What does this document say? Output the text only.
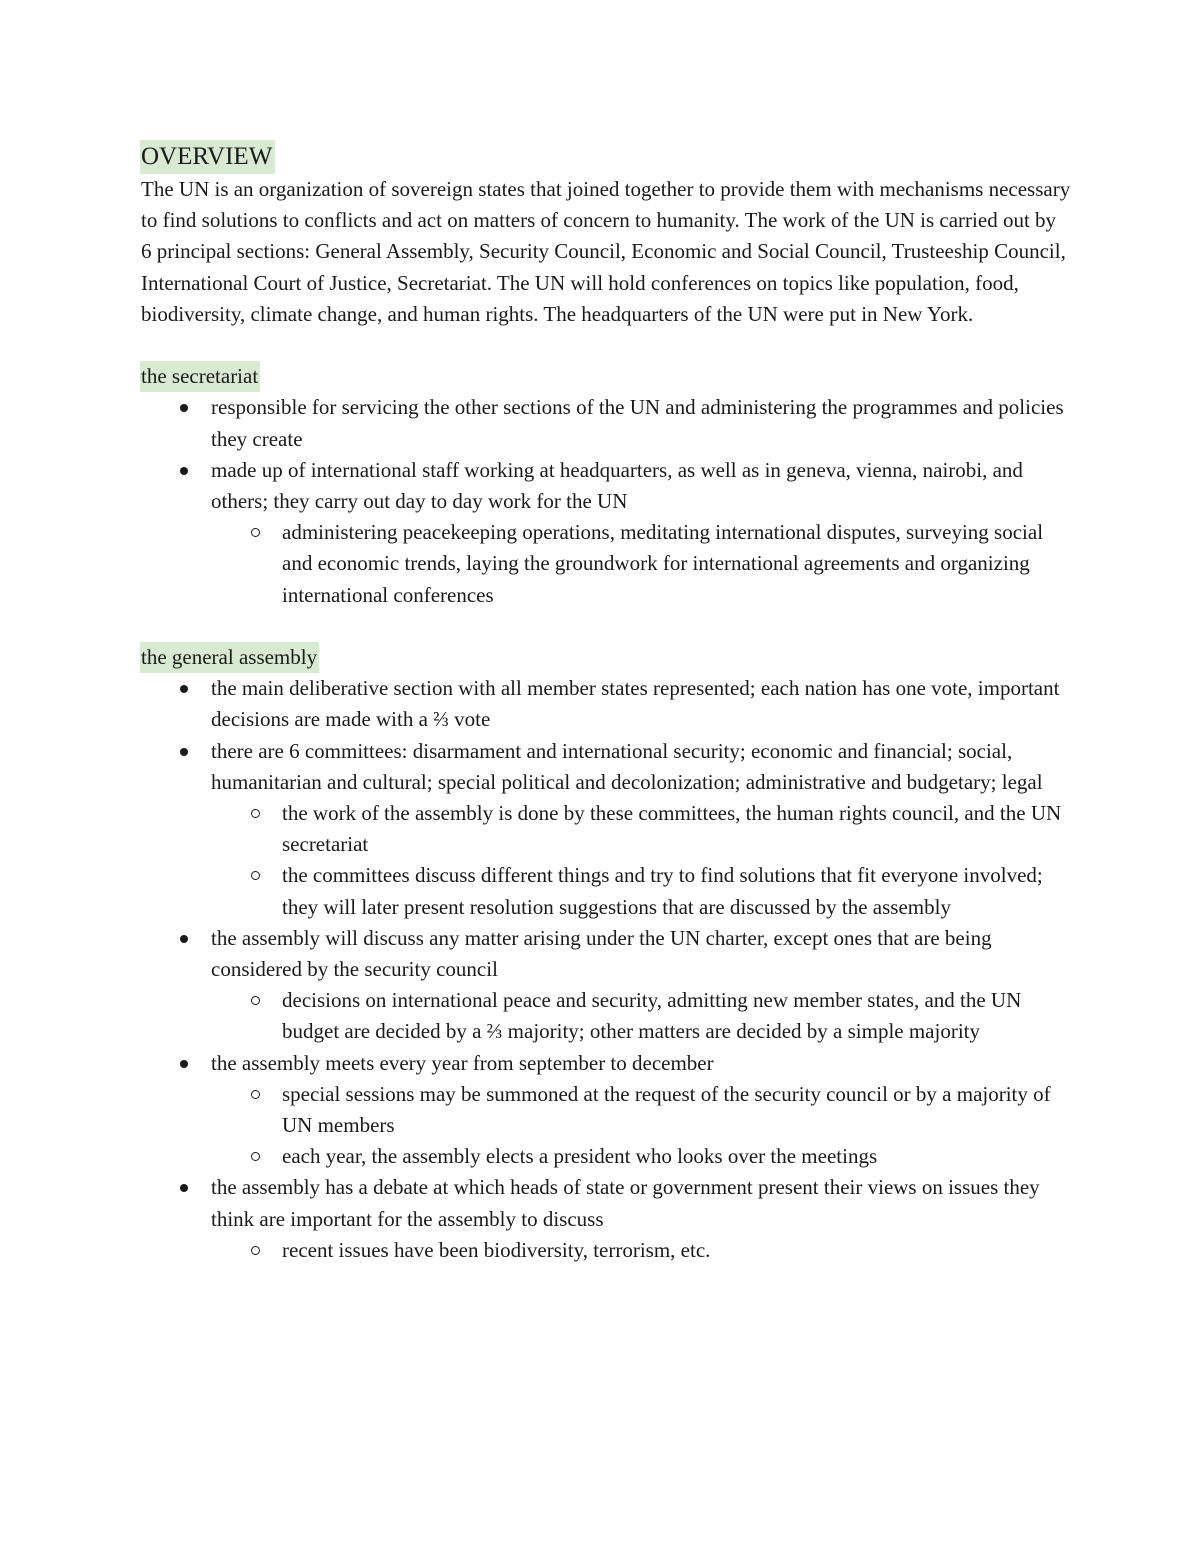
OVERVIEW

The UN is an organization of sovereign states that joined together to provide them with mechanisms necessary to find solutions to conflicts and act on matters of concern to humanity. The work of the UN is carried out by 6 principal sections: General Assembly, Security Council, Economic and Social Council, Trusteeship Council, International Court of Justice, Secretariat. The UN will hold conferences on topics like population, food, biodiversity, climate change, and human rights. The headquarters of the UN were put in New York.

the secretariat
responsible for servicing the other sections of the UN and administering the programmes and policies they create
made up of international staff working at headquarters, as well as in geneva, vienna, nairobi, and others; they carry out day to day work for the UN
administering peacekeeping operations, meditating international disputes, surveying social and economic trends, laying the groundwork for international agreements and organizing international conferences
the general assembly
the main deliberative section with all member states represented; each nation has one vote, important decisions are made with a ⅔ vote
there are 6 committees: disarmament and international security; economic and financial; social, humanitarian and cultural; special political and decolonization; administrative and budgetary; legal
the work of the assembly is done by these committees, the human rights council, and the UN secretariat
the committees discuss different things and try to find solutions that fit everyone involved; they will later present resolution suggestions that are discussed by the assembly
the assembly will discuss any matter arising under the UN charter, except ones that are being considered by the security council
decisions on international peace and security, admitting new member states, and the UN budget are decided by a ⅔ majority; other matters are decided by a simple majority
the assembly meets every year from september to december
special sessions may be summoned at the request of the security council or by a majority of UN members
each year, the assembly elects a president who looks over the meetings
the assembly has a debate at which heads of state or government present their views on issues they think are important for the assembly to discuss
recent issues have been biodiversity, terrorism, etc.
